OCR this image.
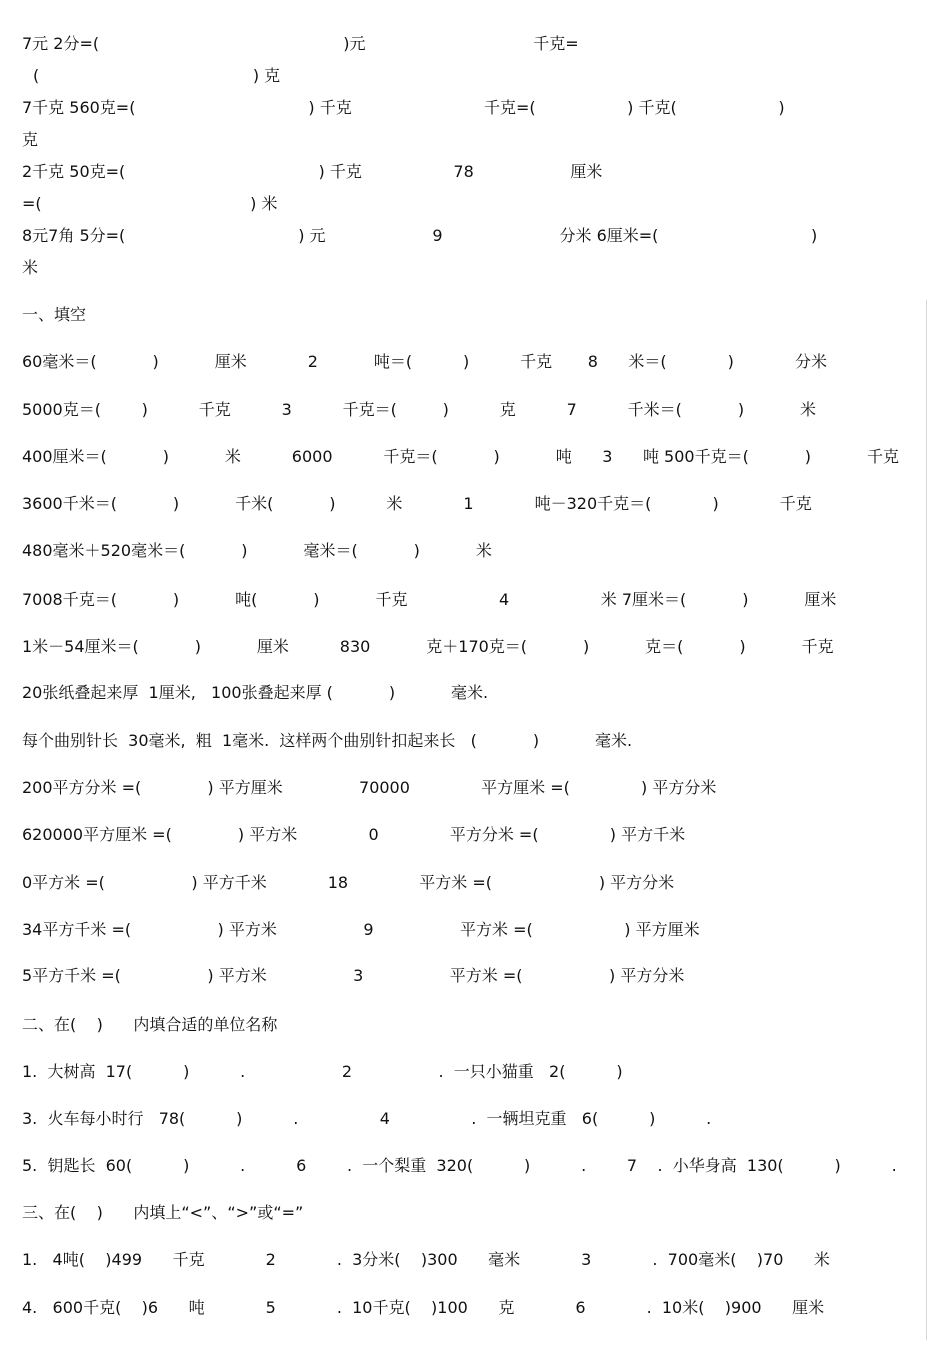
7元 2分=(                                                )元                                 千克=
(                                          ) 克
7千克 560克=(                                  ) 千克                          千克=(                  ) 千克(                    )
克
2千克 50克=(                                      ) 千克                  78                   厘米
=(                                         ) 米
8元7角 5分=(                                  ) 元                     9                       分米 6厘米=(                              )
米
一、填空
60毫米＝(           )           厘米            2           吨＝(          )          千克       8      米＝(            )            分米
5000克＝(        )          千克          3          千克＝(         )          克          7          千米＝(           )           米
400厘米＝(           )           米          6000          千克＝(           )           吨      3      吨 500千克＝(           )           千克
3600千米＝(           )           千米(           )          米            1            吨－320千克＝(            )            千克
480毫米＋520毫米＝(           )           毫米＝(           )           米
7008千克＝(           )           吨(           )           千克                  4                  米 7厘米＝(           )           厘米
1米－54厘米＝(           )           厘米          830           克＋170克＝(           )           克＝(           )           千克
20张纸叠起来厚  1厘米,   100张叠起来厚 (           )           毫米.
每个曲别针长  30毫米,  粗  1毫米.  这样两个曲别针扣起来长   (           )           毫米.
200平方分米 =(             ) 平方厘米               70000              平方厘米 =(              ) 平方分米
620000平方厘米 =(             ) 平方米              0              平方分米 =(              ) 平方千米
0平方米 =(                 ) 平方千米            18              平方米 =(                     ) 平方分米
34平方千米 =(                 ) 平方米                 9                 平方米 =(                  ) 平方厘米
5平方千米 =(                 ) 平方米                 3                 平方米 =(                 ) 平方分米
二、在(    )      内填合适的单位名称
1.  大树高  17(          )          .                   2                 .  一只小猫重   2(          )
3.  火车每小时行   78(          )          .                4                .  一辆坦克重   6(          )          .
5.  钥匙长  60(          )          .          6        .  一个梨重  320(          )          .        7    .  小华身高  130(          )          .
三、在(    )      内填上“<”、“>”或“=”
1.   4吨(    )499      千克            2            .  3分米(    )300      毫米            3            .  700毫米(    )70      米
4.   600千克(    )6      吨            5            .  10千克(    )100      克            6            .  10米(    )900      厘米
